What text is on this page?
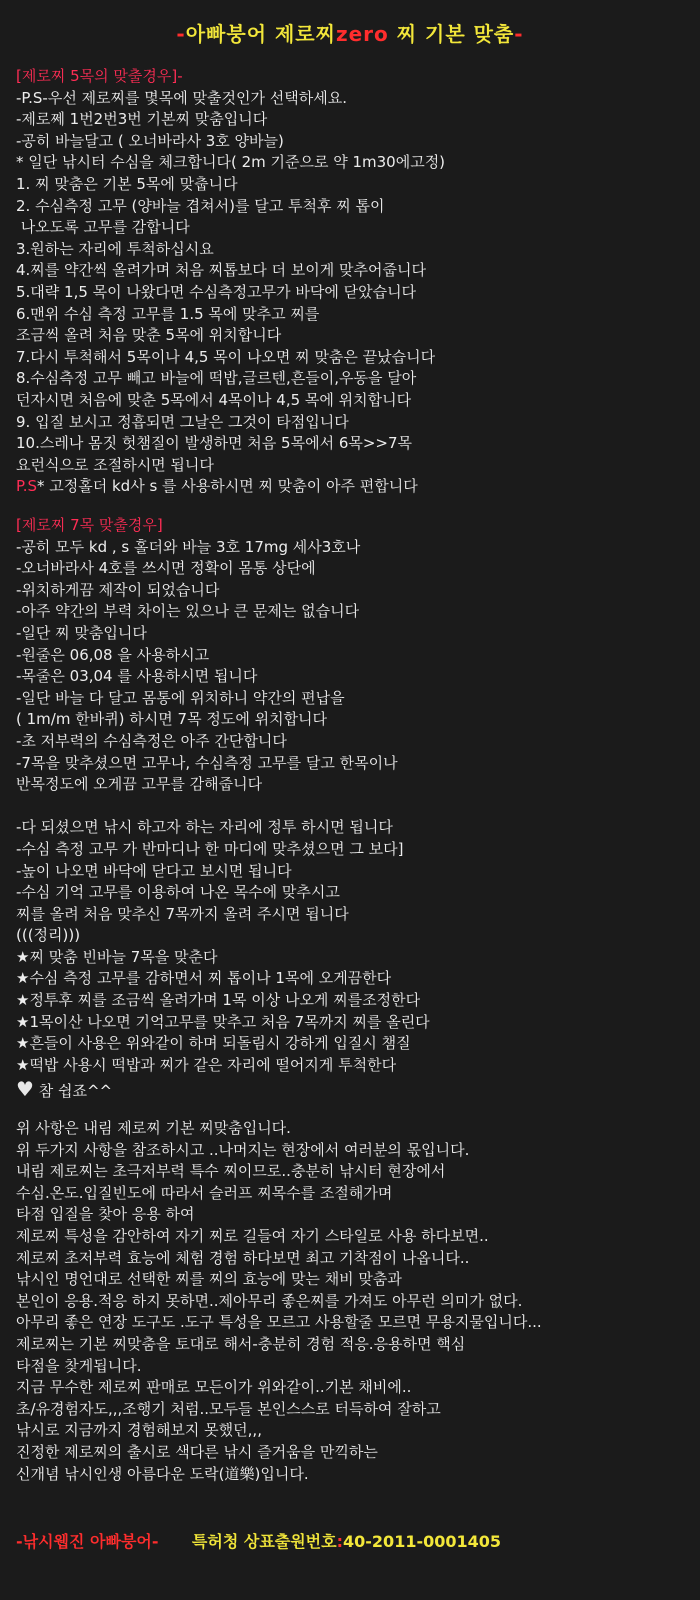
-아빠붕어 제로찌zero 찌 기본 맞춤-
[제로찌 5목의 맞출경우]-
-P.S-우선 제로찌를 몇목에 맞출것인가 선택하세요.
-제로쩨 1번2번3번 기본찌 맞춤입니다
-공히 바늘달고 ( 오너바라사 3호 양바늘)
* 일단 낚시터 수심을 체크합니다( 2m 기준으로 약 1m30에고정)
1. 찌 맞춤은 기본 5목에 맞춥니다
2. 수심측정 고무 (양바늘 겹쳐서)를 달고 투척후 찌 톱이
나오도록 고무를 감합니다
3.원하는 자리에 투척하십시요
4.찌를 약간씩 올려가며 처음 찌톱보다 더 보이게 맞추어줍니다
5.대략 1,5 목이 나왔다면 수심측정고무가 바닥에 닫았습니다
6.맨위 수심 측정 고무를 1.5 목에 맞추고 찌를
조금씩 올려 처음 맞춘 5목에 위치합니다
7.다시 투척해서 5목이나 4,5 목이 나오면 찌 맞춤은 끝났습니다
8.수심측정 고무 빼고 바늘에 떡밥,글르텐,흔들이,우동을 달아
던자시면 처음에 맞춘 5목에서 4목이나 4,5 목에 위치합니다
9. 입질 보시고 정흡되면 그날은 그것이 타점입니다
10.스레나 몸짓 헛챔질이 발생하면 처음 5목에서 6목>>7목
요런식으로 조절하시면 됩니다
P.S* 고정홀더 kd사 s 를 사용하시면 찌 맞춤이 아주 편합니다
[제로찌 7목 맞출경우]
-공히 모두 kd , s 홀더와 바늘 3호 17mg 세사3호나
-오너바라사 4호를 쓰시면 정확이 몸통 상단에
-위치하게끔 제작이 되었습니다
-아주 약간의 부력 차이는 있으나 큰 문제는 없습니다
-일단 찌 맞춤입니다
-원줄은 06,08 을 사용하시고
-목줄은 03,04 를 사용하시면 됩니다
-일단 바늘 다 달고 몸통에 위치하니 약간의 편납을
( 1m/m 한바퀴) 하시면 7목 정도에 위치합니다
-초 저부력의 수심측정은 아주 간단합니다
-7목을 맞추셨으면 고무나, 수심측정 고무를 달고 한목이나
반목정도에 오게끔 고무를 감해줍니다
-다 되셨으면 낚시 하고자 하는 자리에 정투 하시면 됩니다
-수심 측정 고무 가 반마디나 한 마디에 맞추셨으면 그 보다]
-높이 나오면 바닥에 닫다고 보시면 됩니다
-수심 기억 고무를 이용하여 나온 목수에 맞추시고
찌를 올려 처음 맞추신 7목까지 올려 주시면 됩니다
(((정리)))
★찌 맞춤 빈바늘 7목을 맞춘다
★수심 측정 고무를 감하면서 찌 톱이나 1목에 오게끔한다
★정투후 찌를 조금씩 올려가며 1목 이상 나오게 찌를조정한다
★1목이산 나오면 기억고무를 맞추고 처음 7목까지 찌를 올린다
★흔들이 사용은 위와같이 하며 되돌림시 강하게 입질시 챔질
★떡밥 사용시 떡밥과 찌가 같은 자리에 떨어지게 투척한다
♥ 참 쉽죠^^
위 사항은 내림 제로찌 기본 찌맞춤입니다.
위 두가지 사항을 참조하시고 ..나머지는 현장에서 여러분의 몫입니다.
내림 제로찌는 초극저부력 특수 찌이므로..충분히 낚시터 현장에서
수심.온도.입질빈도에 따라서 슬러프 찌목수를 조절해가며
타점 입질을 찾아 응용 하여
제로찌 특성을 감안하여 자기 찌로 길들여 자기 스타일로 사용 하다보면..
제로찌 초저부력 효능에 체험 경험 하다보면 최고 기착점이 나옵니다..
낚시인 명언대로 선택한 찌를 찌의 효능에 맞는 채비 맞춤과
본인이 응용.적응 하지 못하면..제아무리 좋은찌를 가져도 아무런 의미가 없다.
아무리 좋은 연장 도구도 .도구 특성을 모르고 사용할줄 모르면 무용지물입니다...
제로찌는 기본 찌맞춤을 토대로 해서-충분히 경험 적응.응용하면 핵심
타점을 찾게됩니다.
지금 무수한 제로찌 판매로 모든이가 위와같이..기본 채비에..
초/유경험자도,,,조행기 처럼..모두들 본인스스로 터득하여 잘하고
낚시로 지금까지 경험해보지 못했던,,,
진정한 제로찌의 출시로 색다른 낚시 즐거움을 만끽하는
신개념 낚시인생 아름다운 도락(道樂)입니다.
-낚시웹진 아빠붕어- 특허청 상표출원번호:40-2011-0001405
